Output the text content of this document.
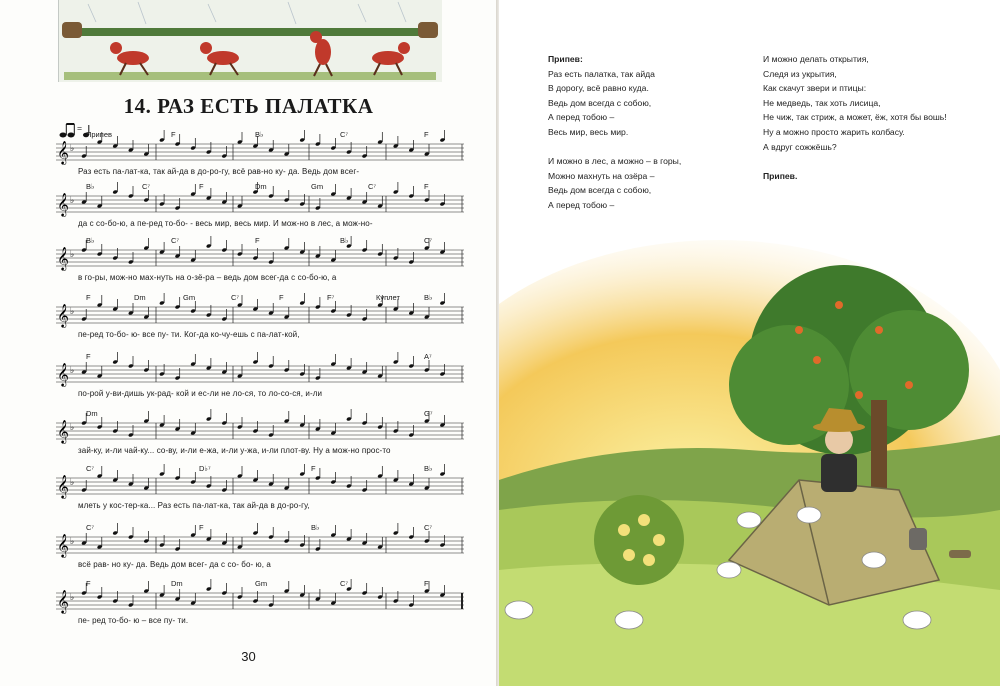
14. РАЗ ЕСТЬ ПАЛАТКА
=
𝄞 ♭
Припев	F	B♭	C⁷	F
Раз есть па-лат-ка, так ай-да в до-ро-гу, всё рав-но ку- да. Ведь дом всег-
𝄞 ♭
B♭	C⁷	F	Dm	Gm	C⁷	F
да с со-бо-ю, а пе-ред то-бо- - весь мир, весь мир. И мож-но в лес, а мож-но-
𝄞 ♭
B♭	C⁷	F	B♭	C⁷
в го-ры, мож-но мах-нуть на о-зё-ра – ведь дом всег-да с со-бо-ю, а
𝄞 ♭
F	Dm	Gm	C⁷	F	F⁷	Куплет	B♭
пе-ред то-бо- ю- все пу- ти. Ког-да ко-чу-ешь с па-лат-кой,
𝄞 ♭
F	A⁷
по-рой у-ви-дишь ук-рад- кой и ес-ли не ло-ся, то ло-со-ся, и-ли
𝄞 ♭
Dm	G⁷
зай-ку, и-ли чай-ку... со-ву, и-ли е-жа, и-ли у-жа, и-ли плот-ву. Ну а мож-но прос-то
𝄞 ♭
C⁷	D♭⁷	F	B♭
млеть у кос-тер-ка... Раз есть па-лат-ка, так ай-да в до-ро-гу,
𝄞 ♭
C⁷	F	B♭	C⁷
всё рав- но ку- да. Ведь дом всег- да с со- бо- ю, а
𝄞 ♭
F	Dm	Gm	C⁷	F
пе- ред то-бо- ю – все пу- ти.
30
Припев:
Раз есть палатка, так айда
В дорогу, всё равно куда.
Ведь дом всегда с собою,
А перед тобою –
Весь мир, весь мир.

И можно в лес, а можно – в горы,
Можно махнуть на озёра –
Ведь дом всегда с собою,
А перед тобою –

И можно делать открытия,
Следя из укрытия,
Как скачут звери и птицы:
Не медведь, так хоть лисица,
Не чиж, так стриж, а может, ёж, хотя бы вошь!
Ну а можно просто жарить колбасу.
А вдруг сожжёшь?

Припев.
